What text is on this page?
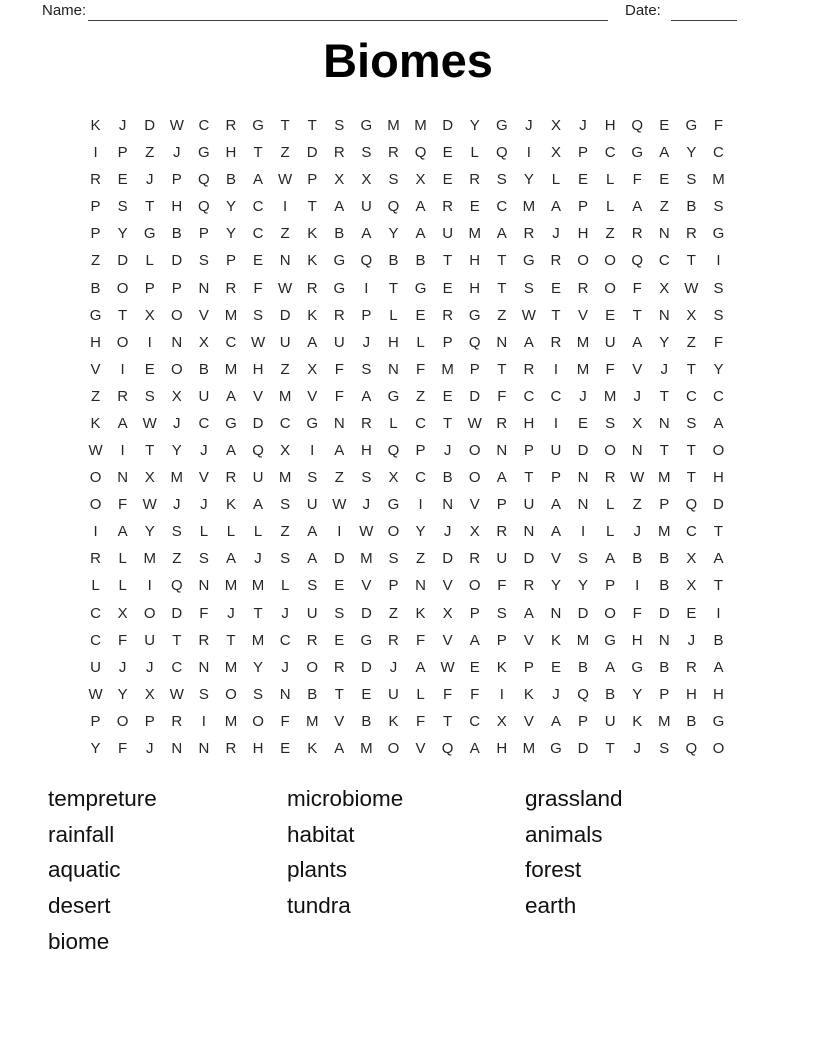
Name:	Date:
Biomes
K	J	D W C	R	G	T	T	S	G	M M	D	Y	G	J	X	J	H	Q	E	G	F
I	P	Z	J	G	H	T	Z	D	R	S	R	Q	E	L	Q	I	X	P	C	G	A	Y	C
R	E	J	P	Q	B	A W P	X	X	S	X	E	R	S	Y	L	E	L	F	E	S	M
P	S	T	H	Q	Y	C	I	T	A	U	Q	A	R	E	C	M	A	P	L	A	Z	B	S
P	Y	G	B	P	Y	C	Z	K	B	A	Y	A	U	M	A	R	J	H	Z	R	N	R	G
Z	D	L	D	S	P	E	N	K	G	Q	B	B	T	H	T	G	R	O	O	Q	C	T	I
B	O	P	P	N	R	F	W R	G	I	T	G	E	H	T	S	E	R	O	F	X W S
G	T	X	O	V	M	S	D	K	R	P	L	E	R	G	Z	W	T	V	E	T	N	X	S
H	O	I	N	X	C W U	A	U	J	H	L	P	Q	N	A	R	M	U	A	Y	Z	F
V	I	E	O	B	M	H	Z	X	F	S	N	F	M	P	T	R	I	M	F	V	J	T	Y
Z	R	S	X	U	A	V	M	V	F	A	G	Z	E	D	F	C	C	J	M	J	T	C	C
K	A W	J	C	G	D	C	G	N	R	L	C	T	W R	H	I	E	S	X	N	S	A
W	I	T	Y	J	A	Q	X	I	A	H	Q	P	J	O	N	P	U	D	O	N	T	T	O
O	N	X	M	V	R	U	M	S	Z	S	X	C	B	O	A	T	P	N	R W M	T	H
O	F	W	J	J	K	A	S	U W	J	G	I	N	V	P	U	A	N	L	Z	P	Q	D
I	A	Y	S	L	L	L	Z	A	I	W O	Y	J	X	R	N	A	I	L	J	M	C	T
R	L	M	Z	S	A	J	S	A	D	M	S	Z	D	R	U	D	V	S	A	B	B	X	A
L	L	I	Q	N	M M	L	S	E	V	P	N	V	O	F	R	Y	Y	P	I	B	X	T
C	X	O	D	F	J	T	J	U	S	D	Z	K	X	P	S	A	N	D	O	F	D	E	I
C	F	U	T	R	T	M	C	R	E	G	R	F	V	A	P	V	K	M	G	H	N	J	B
U	J	J	C	N	M	Y	J	O	R	D	J	A W E	K	P	E	B	A	G	B	R	A
W Y	X	W S	O	S	N	B	T	E	U	L	F	F	I	K	J	Q	B	Y	P	H	H
P	O	P	R	I	M	O	F	M	V	B	K	F	T	C	X	V	A	P	U	K	M	B	G
Y	F	J	N	N	R	H	E	K	A	M	O	V	Q	A	H	M	G	D	T	J	S	Q	O
tempreture
rainfall
aquatic
desert
biome
microbiome
habitat
plants
tundra
grassland
animals
forest
earth
